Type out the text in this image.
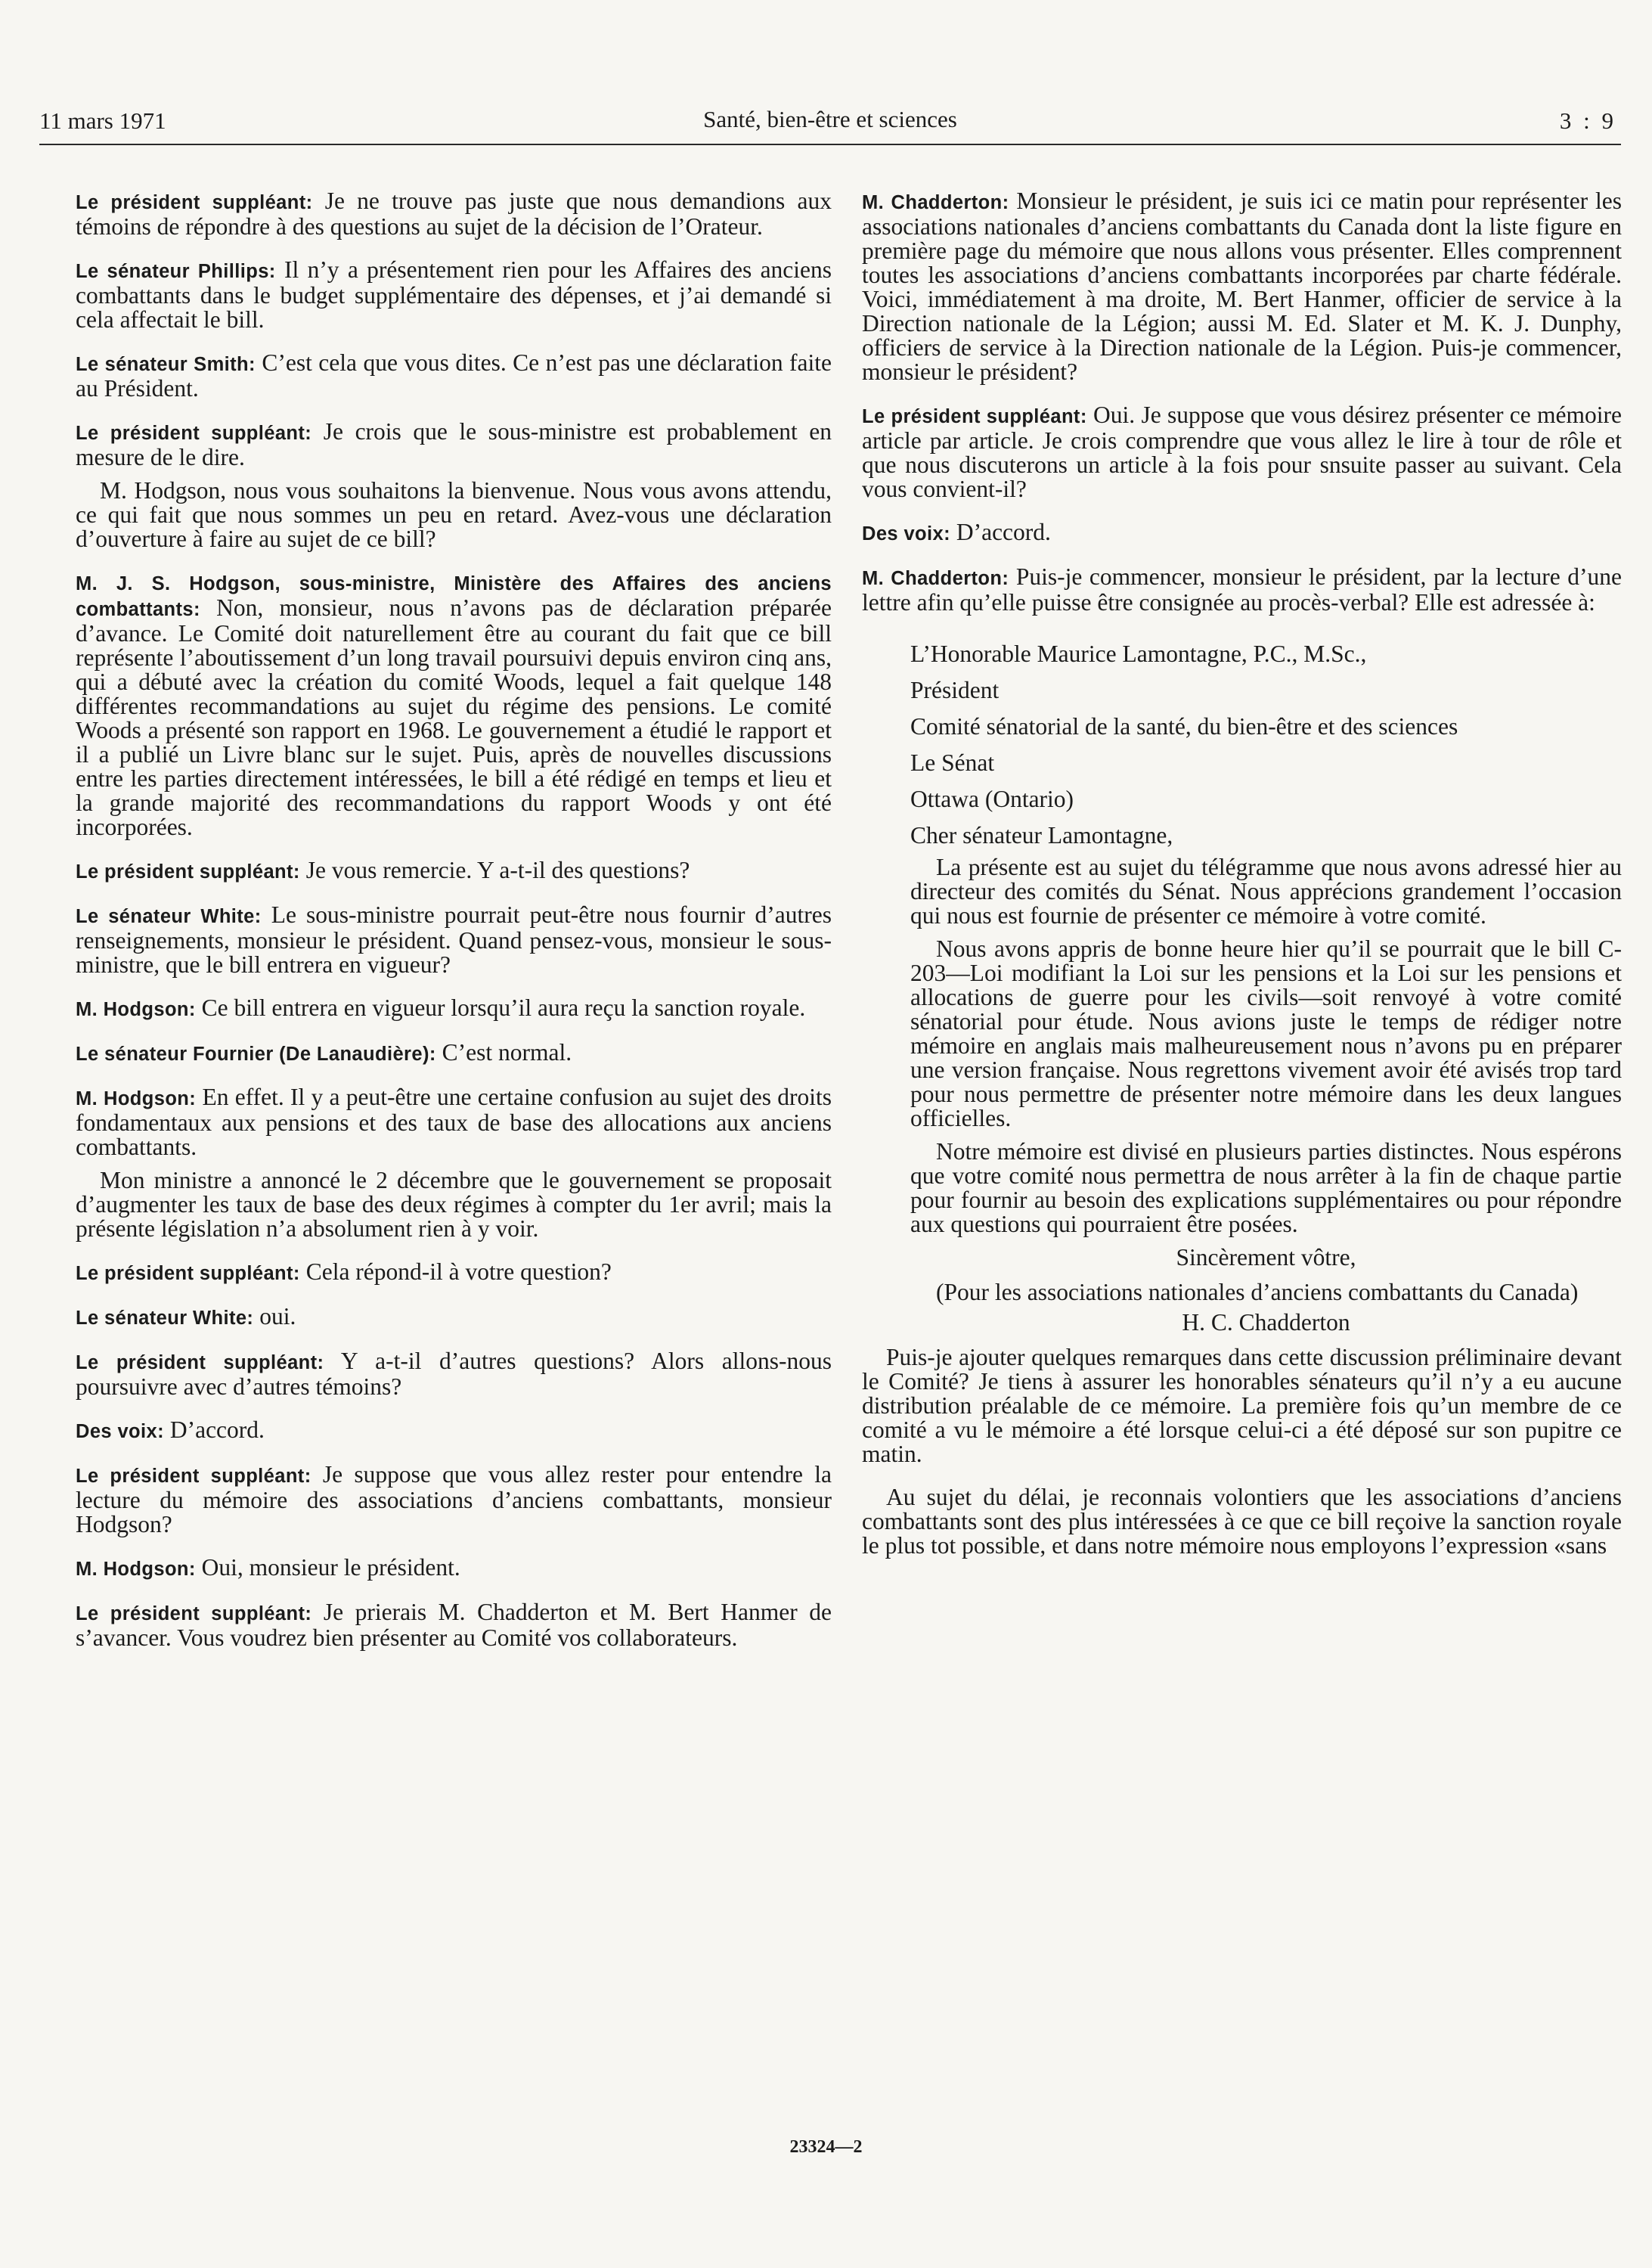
11 mars 1971	Santé, bien-être et sciences	3 : 9

Le président suppléant: Je ne trouve pas juste que nous demandions aux témoins de répondre à des questions au sujet de la décision de l’Orateur.

Le sénateur Phillips: Il n’y a présentement rien pour les Affaires des anciens combattants dans le budget supplémentaire des dépenses, et j’ai demandé si cela affectait le bill.

Le sénateur Smith: C’est cela que vous dites. Ce n’est pas une déclaration faite au Président.

Le président suppléant: Je crois que le sous-ministre est probablement en mesure de le dire.

M. Hodgson, nous vous souhaitons la bienvenue. Nous vous avons attendu, ce qui fait que nous sommes un peu en retard. Avez-vous une déclaration d’ouverture à faire au sujet de ce bill?

M. J. S. Hodgson, sous-ministre, Ministère des Affaires des anciens combattants: Non, monsieur, nous n’avons pas de déclaration préparée d’avance. Le Comité doit naturellement être au courant du fait que ce bill représente l’aboutissement d’un long travail poursuivi depuis environ cinq ans, qui a débuté avec la création du comité Woods, lequel a fait quelque 148 différentes recommandations au sujet du régime des pensions. Le comité Woods a présenté son rapport en 1968. Le gouvernement a étudié le rapport et il a publié un Livre blanc sur le sujet. Puis, après de nouvelles discussions entre les parties directement intéressées, le bill a été rédigé en temps et lieu et la grande majorité des recommandations du rapport Woods y ont été incorporées.

Le président suppléant: Je vous remercie. Y a-t-il des questions?

Le sénateur White: Le sous-ministre pourrait peut-être nous fournir d’autres renseignements, monsieur le président. Quand pensez-vous, monsieur le sous-ministre, que le bill entrera en vigueur?

M. Hodgson: Ce bill entrera en vigueur lorsqu’il aura reçu la sanction royale.

Le sénateur Fournier (De Lanaudière): C’est normal.

M. Hodgson: En effet. Il y a peut-être une certaine confusion au sujet des droits fondamentaux aux pensions et des taux de base des allocations aux anciens combattants.

Mon ministre a annoncé le 2 décembre que le gouvernement se proposait d’augmenter les taux de base des deux régimes à compter du 1er avril; mais la présente législation n’a absolument rien à y voir.

Le président suppléant: Cela répond-il à votre question?

Le sénateur White: oui.

Le président suppléant: Y a-t-il d’autres questions? Alors allons-nous poursuivre avec d’autres témoins?

Des voix: D’accord.

Le président suppléant: Je suppose que vous allez rester pour entendre la lecture du mémoire des associations d’anciens combattants, monsieur Hodgson?

M. Hodgson: Oui, monsieur le président.

Le président suppléant: Je prierais M. Chadderton et M. Bert Hanmer de s’avancer. Vous voudrez bien présenter au Comité vos collaborateurs.

M. Chadderton: Monsieur le président, je suis ici ce matin pour représenter les associations nationales d’anciens combattants du Canada dont la liste figure en première page du mémoire que nous allons vous présenter. Elles comprennent toutes les associations d’anciens combattants incorporées par charte fédérale. Voici, immédiatement à ma droite, M. Bert Hanmer, officier de service à la Direction nationale de la Légion; aussi M. Ed. Slater et M. K. J. Dunphy, officiers de service à la Direction nationale de la Légion. Puis-je commencer, monsieur le président?

Le président suppléant: Oui. Je suppose que vous désirez présenter ce mémoire article par article. Je crois comprendre que vous allez le lire à tour de rôle et que nous discuterons un article à la fois pour snsuite passer au suivant. Cela vous convient-il?

Des voix: D’accord.

M. Chadderton: Puis-je commencer, monsieur le président, par la lecture d’une lettre afin qu’elle puisse être consignée au procès-verbal? Elle est adressée à:

L’Honorable Maurice Lamontagne, P.C., M.Sc.,

Président

Comité sénatorial de la santé, du bien-être et des sciences

Le Sénat

Ottawa (Ontario)

Cher sénateur Lamontagne,

La présente est au sujet du télégramme que nous avons adressé hier au directeur des comités du Sénat. Nous apprécions grandement l’occasion qui nous est fournie de présenter ce mémoire à votre comité.

Nous avons appris de bonne heure hier qu’il se pourrait que le bill C-203—Loi modifiant la Loi sur les pensions et la Loi sur les pensions et allocations de guerre pour les civils—soit renvoyé à votre comité sénatorial pour étude. Nous avions juste le temps de rédiger notre mémoire en anglais mais malheureusement nous n’avons pu en préparer une version française. Nous regrettons vivement avoir été avisés trop tard pour nous permettre de présenter notre mémoire dans les deux langues officielles.

Notre mémoire est divisé en plusieurs parties distinctes. Nous espérons que votre comité nous permettra de nous arrêter à la fin de chaque partie pour fournir au besoin des explications supplémentaires ou pour répondre aux questions qui pourraient être posées.

Sincèrement vôtre,

(Pour les associations nationales d’anciens combattants du Canada)

H. C. Chadderton

Puis-je ajouter quelques remarques dans cette discussion préliminaire devant le Comité? Je tiens à assurer les honorables sénateurs qu’il n’y a eu aucune distribution préalable de ce mémoire. La première fois qu’un membre de ce comité a vu le mémoire a été lorsque celui-ci a été déposé sur son pupitre ce matin.

Au sujet du délai, je reconnais volontiers que les associations d’anciens combattants sont des plus intéressées à ce que ce bill reçoive la sanction royale le plus tot possible, et dans notre mémoire nous employons l’expression «sans

23324—2
